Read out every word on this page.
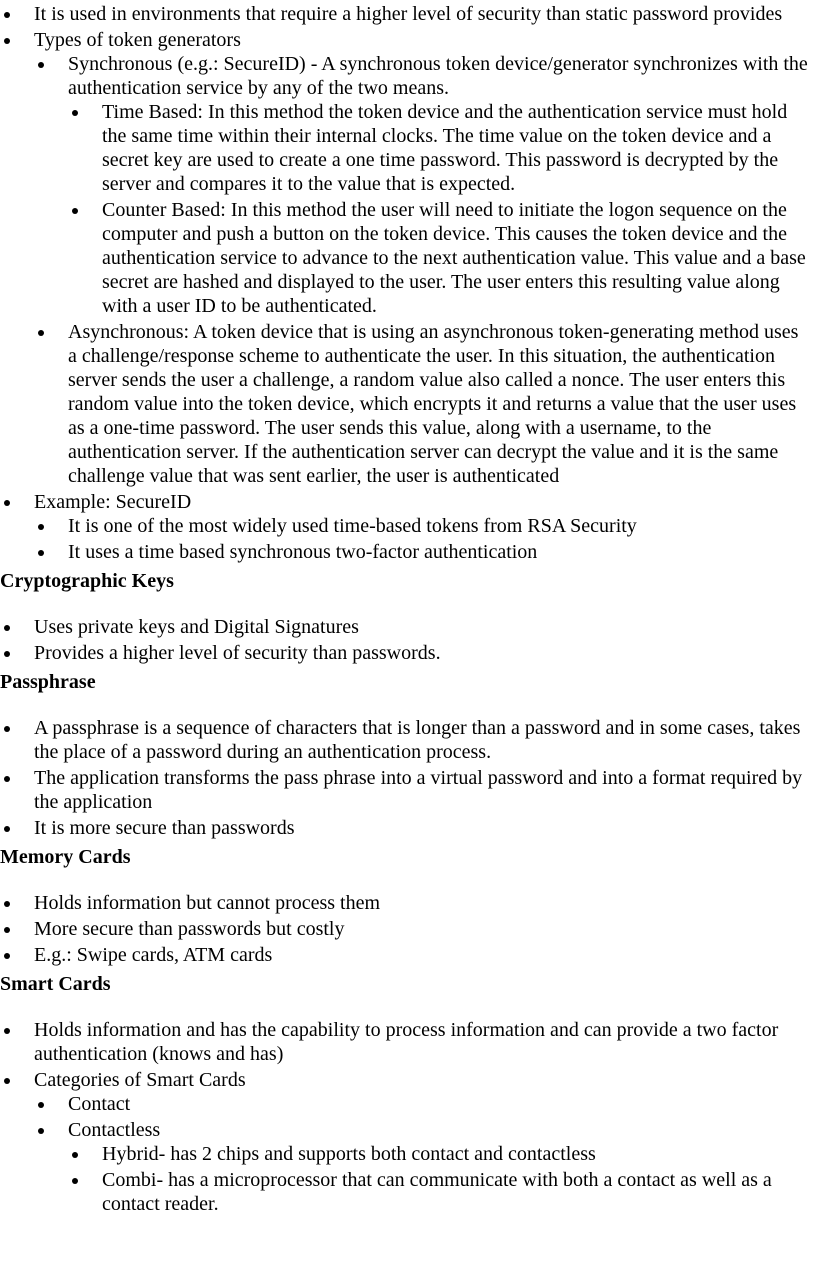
It is used in environments that require a higher level of security than static password provides
Types of token generators
Synchronous (e.g.: SecureID) - A synchronous token device/generator synchronizes with the authentication service by any of the two means.
Time Based: In this method the token device and the authentication service must hold the same time within their internal clocks. The time value on the token device and a secret key are used to create a one time password. This password is decrypted by the server and compares it to the value that is expected.
Counter Based: In this method the user will need to initiate the logon sequence on the computer and push a button on the token device. This causes the token device and the authentication service to advance to the next authentication value. This value and a base secret are hashed and displayed to the user. The user enters this resulting value along with a user ID to be authenticated.
Asynchronous: A token device that is using an asynchronous token-generating method uses a challenge/response scheme to authenticate the user. In this situation, the authentication server sends the user a challenge, a random value also called a nonce. The user enters this random value into the token device, which encrypts it and returns a value that the user uses as a one-time password. The user sends this value, along with a username, to the authentication server. If the authentication server can decrypt the value and it is the same challenge value that was sent earlier, the user is authenticated
Example: SecureID
It is one of the most widely used time-based tokens from RSA Security
It uses a time based synchronous two-factor authentication
Cryptographic Keys
Uses private keys and Digital Signatures
Provides a higher level of security than passwords.
Passphrase
A passphrase is a sequence of characters that is longer than a password and in some cases, takes the place of a password during an authentication process.
The application transforms the pass phrase into a virtual password and into a format required by the application
It is more secure than passwords
Memory Cards
Holds information but cannot process them
More secure than passwords but costly
E.g.: Swipe cards, ATM cards
Smart Cards
Holds information and has the capability to process information and can provide a two factor authentication (knows and has)
Categories of Smart Cards
Contact
Contactless
Hybrid- has 2 chips and supports both contact and contactless
Combi- has a microprocessor that can communicate with both a contact as well as a contact reader.
